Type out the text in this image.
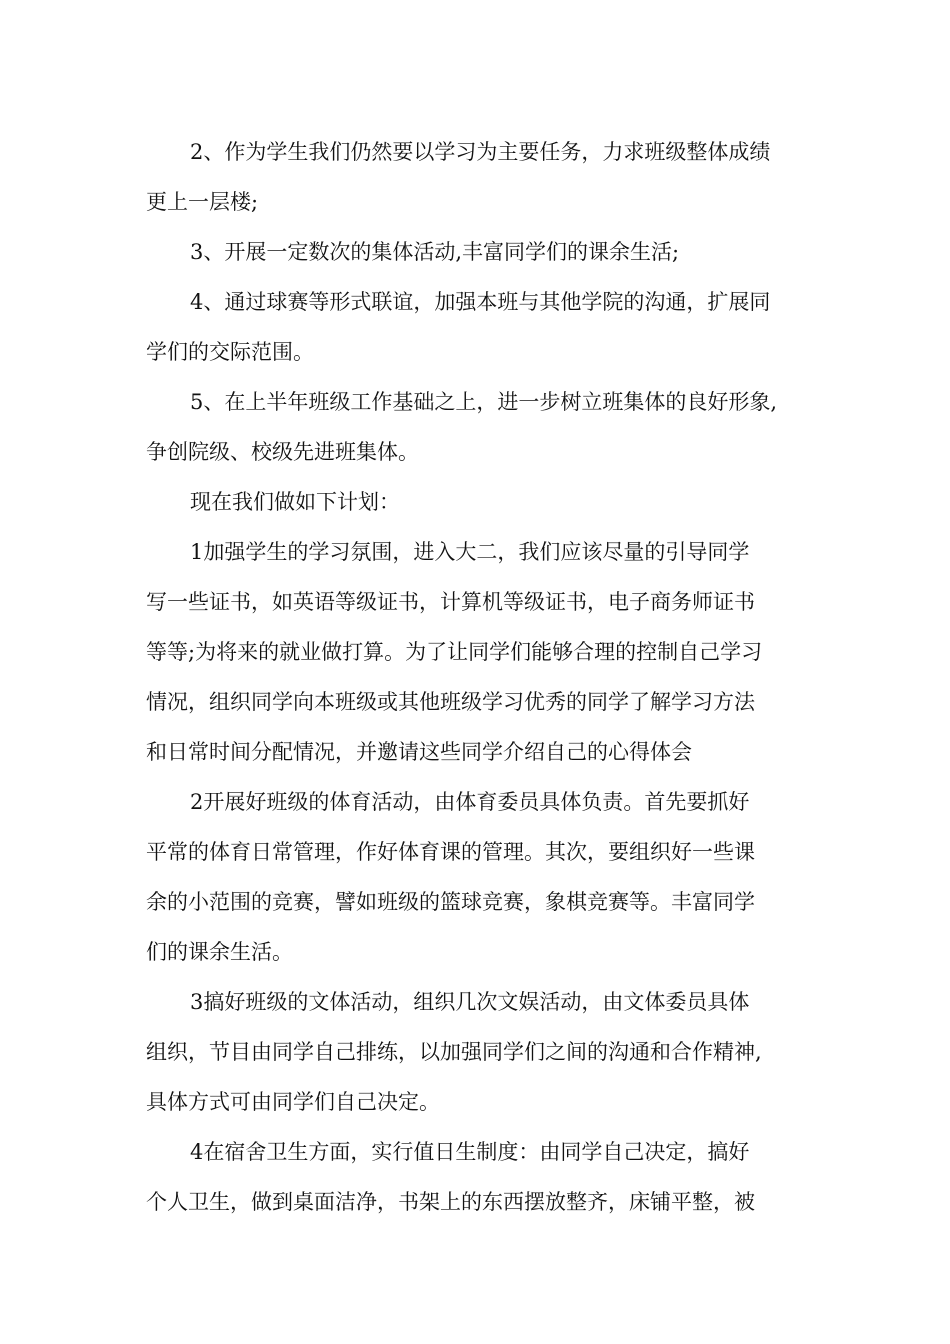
2、作为学生我们仍然要以学习为主要任务，力求班级整体成绩
更上一层楼;
3、开展一定数次的集体活动,丰富同学们的课余生活;
4、通过球赛等形式联谊，加强本班与其他学院的沟通，扩展同
学们的交际范围。
5、在上半年班级工作基础之上，进一步树立班集体的良好形象,
争创院级、校级先进班集体。
现在我们做如下计划：
1加强学生的学习氛围，进入大二，我们应该尽量的引导同学
写一些证书，如英语等级证书，计算机等级证书，电子商务师证书
等等;为将来的就业做打算。为了让同学们能够合理的控制自己学习
情况，组织同学向本班级或其他班级学习优秀的同学了解学习方法
和日常时间分配情况，并邀请这些同学介绍自己的心得体会
2开展好班级的体育活动，由体育委员具体负责。首先要抓好
平常的体育日常管理，作好体育课的管理。其次，要组织好一些课
余的小范围的竞赛，譬如班级的篮球竞赛，象棋竞赛等。丰富同学
们的课余生活。
3搞好班级的文体活动，组织几次文娱活动，由文体委员具体
组织，节目由同学自己排练，以加强同学们之间的沟通和合作精神,
具体方式可由同学们自己决定。
4在宿舍卫生方面，实行值日生制度：由同学自己决定，搞好
个人卫生，做到桌面洁净，书架上的东西摆放整齐，床铺平整，被
